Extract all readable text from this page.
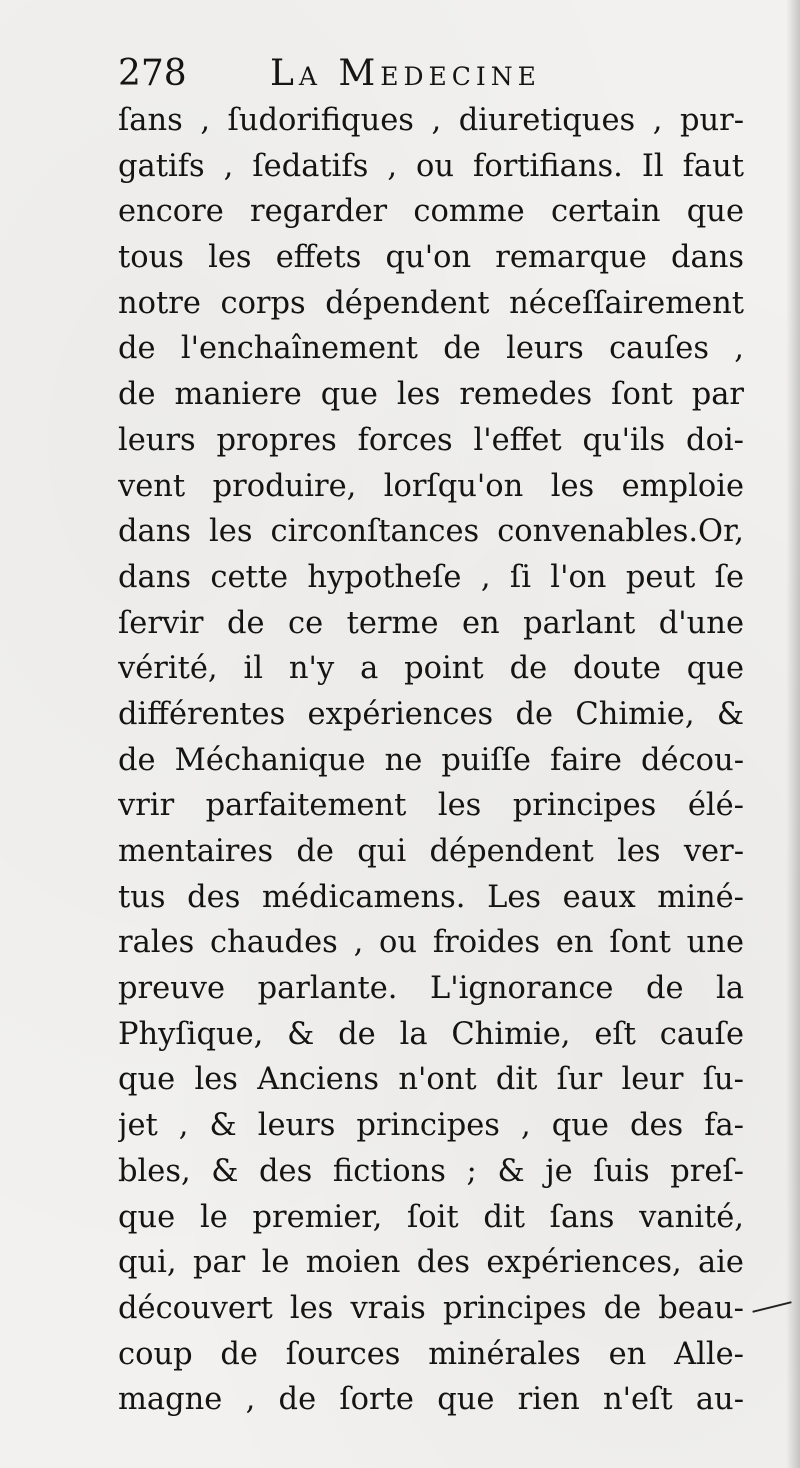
278 La Medecine
ſans , ſudorifiques , diuretiques , pur-
gatifs , ſedatifs , ou fortifians. Il faut
encore regarder comme certain que
tous les effets qu'on remarque dans
notre corps dépendent néceſſairement
de l'enchaînement de leurs cauſes ,
de maniere que les remedes ſont par
leurs propres forces l'effet qu'ils doi-
vent produire, lorſqu'on les emploie
dans les circonſtances convenables.Or,
dans cette hypotheſe , ſi l'on peut ſe
ſervir de ce terme en parlant d'une
vérité, il n'y a point de doute que
différentes expériences de Chimie, &
de Méchanique ne puiſſe faire décou-
vrir parfaitement les principes élé-
mentaires de qui dépendent les ver-
tus des médicamens. Les eaux miné-
rales chaudes , ou froides en ſont une
preuve parlante. L'ignorance de la
Phyſique, & de la Chimie, eſt cauſe
que les Anciens n'ont dit ſur leur ſu-
jet , & leurs principes , que des fa-
bles, & des fictions ; & je ſuis preſ-
que le premier, ſoit dit ſans vanité,
qui, par le moien des expériences, aie
découvert les vrais principes de beau-
coup de ſources minérales en Alle-
magne , de ſorte que rien n'eſt au-
